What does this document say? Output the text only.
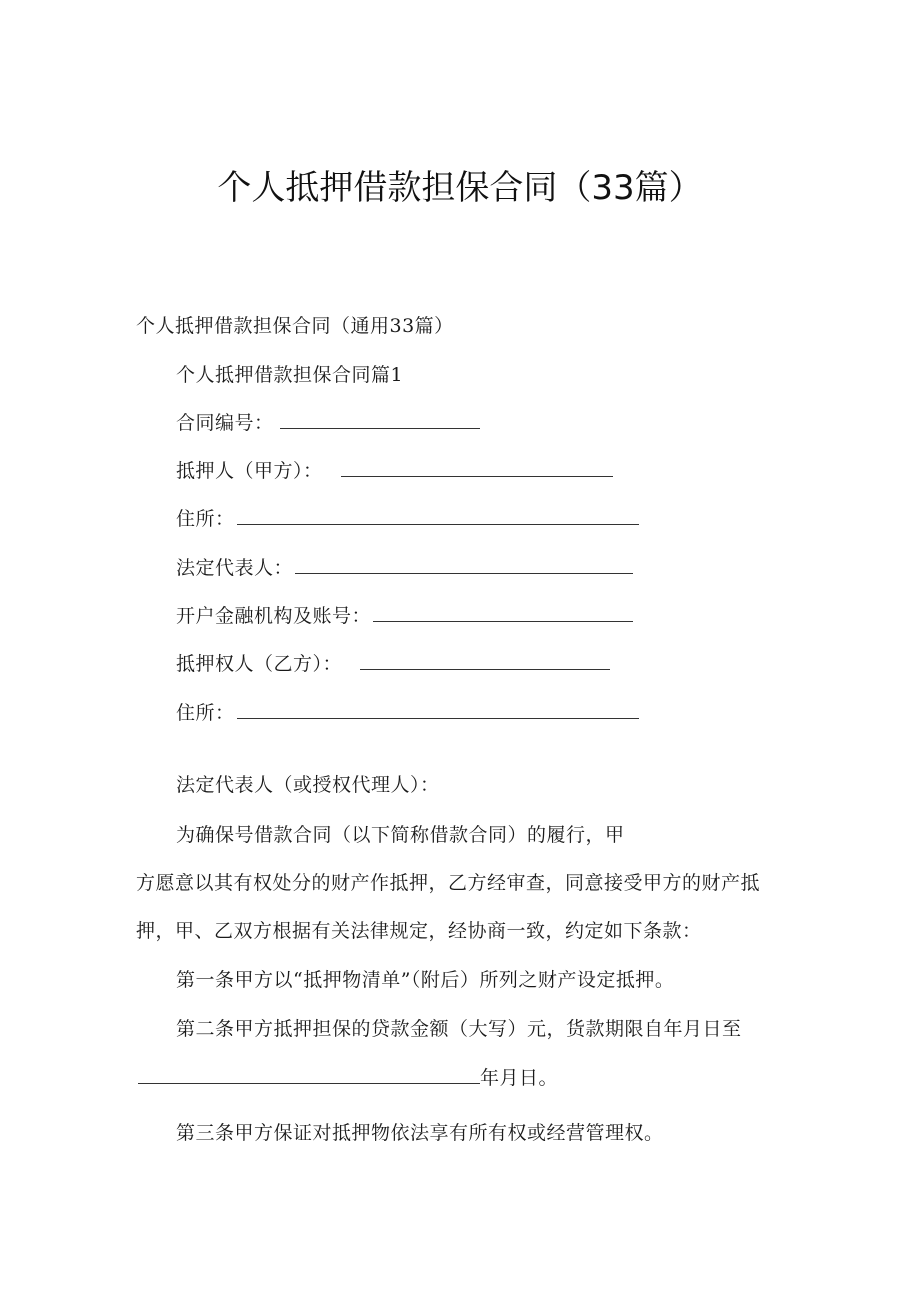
个人抵押借款担保合同（33篇）
个人抵押借款担保合同（通用33篇）
个人抵押借款担保合同篇1
合同编号：
抵押人（甲方）：
住所：
法定代表人：
开户金融机构及账号：
抵押权人（乙方）：
住所：
法定代表人（或授权代理人）：
为确保号借款合同（以下简称借款合同）的履行，甲
方愿意以其有权处分的财产作抵押，乙方经审查，同意接受甲方的财产抵
押，甲、乙双方根据有关法律规定，经协商一致，约定如下条款：
第一条甲方以“抵押物清单”（附后）所列之财产设定抵押。
第二条甲方抵押担保的贷款金额（大写）元，货款期限自年月日至
年月日。
第三条甲方保证对抵押物依法享有所有权或经营管理权。
